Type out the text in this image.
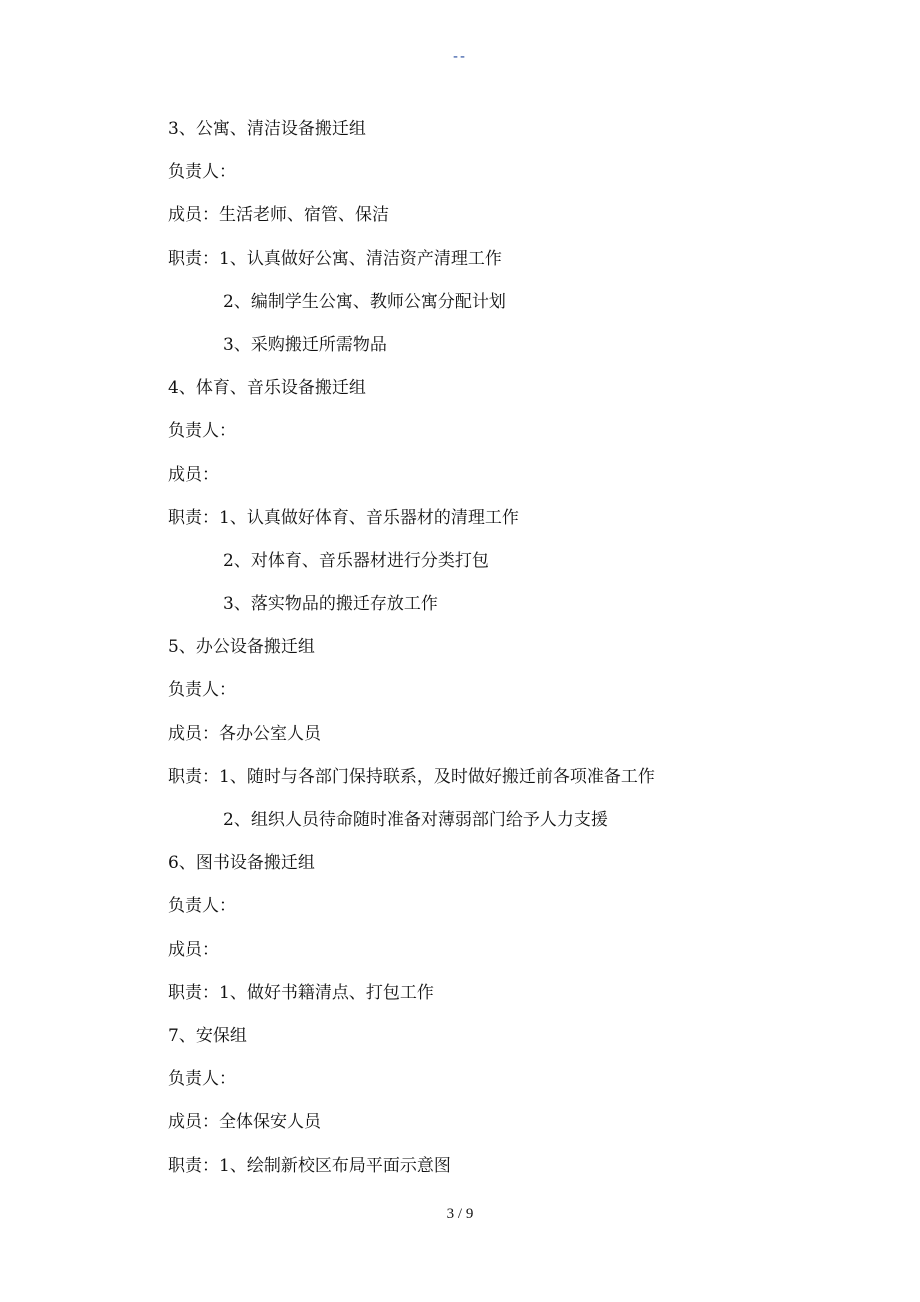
--
3、公寓、清洁设备搬迁组
负责人：
成员：生活老师、宿管、保洁
职责：1、认真做好公寓、清洁资产清理工作
2、编制学生公寓、教师公寓分配计划
3、采购搬迁所需物品
4、体育、音乐设备搬迁组
负责人：
成员：
职责：1、认真做好体育、音乐器材的清理工作
2、对体育、音乐器材进行分类打包
3、落实物品的搬迁存放工作
5、办公设备搬迁组
负责人：
成员：各办公室人员
职责：1、随时与各部门保持联系，及时做好搬迁前各项准备工作
2、组织人员待命随时准备对薄弱部门给予人力支援
6、图书设备搬迁组
负责人：
成员：
职责：1、做好书籍清点、打包工作
7、安保组
负责人：
成员：全体保安人员
职责：1、绘制新校区布局平面示意图
3 / 9
